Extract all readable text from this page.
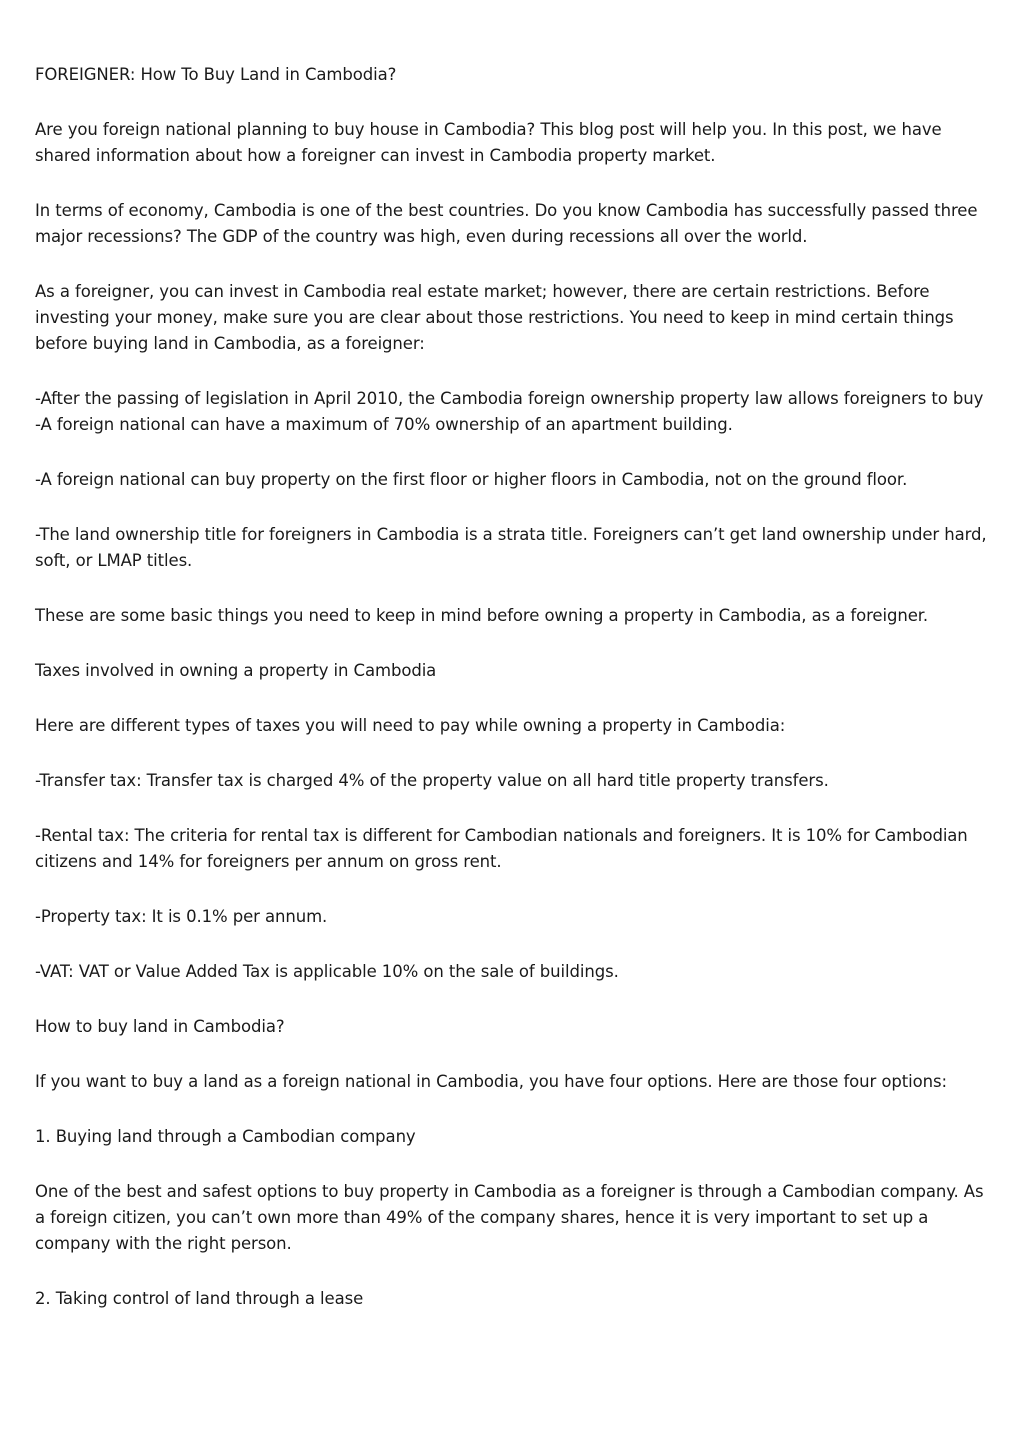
FOREIGNER: How To Buy Land in Cambodia?

Are you foreign national planning to buy house in Cambodia? This blog post will help you. In this post, we have shared information about how a foreigner can invest in Cambodia property market.

In terms of economy, Cambodia is one of the best countries. Do you know Cambodia has successfully passed three major recessions? The GDP of the country was high, even during recessions all over the world.

As a foreigner, you can invest in Cambodia real estate market; however, there are certain restrictions. Before investing your money, make sure you are clear about those restrictions. You need to keep in mind certain things before buying land in Cambodia, as a foreigner:

-After the passing of legislation in April 2010, the Cambodia foreign ownership property law allows foreigners to buy -A foreign national can have a maximum of 70% ownership of an apartment building.

-A foreign national can buy property on the first floor or higher floors in Cambodia, not on the ground floor.

-The land ownership title for foreigners in Cambodia is a strata title. Foreigners can’t get land ownership under hard, soft, or LMAP titles.

These are some basic things you need to keep in mind before owning a property in Cambodia, as a foreigner.

Taxes involved in owning a property in Cambodia

Here are different types of taxes you will need to pay while owning a property in Cambodia:

-Transfer tax: Transfer tax is charged 4% of the property value on all hard title property transfers.

-Rental tax: The criteria for rental tax is different for Cambodian nationals and foreigners. It is 10% for Cambodian citizens and 14% for foreigners per annum on gross rent.

-Property tax: It is 0.1% per annum.

-VAT: VAT or Value Added Tax is applicable 10% on the sale of buildings.

How to buy land in Cambodia?

If you want to buy a land as a foreign national in Cambodia, you have four options. Here are those four options:

1. Buying land through a Cambodian company

One of the best and safest options to buy property in Cambodia as a foreigner is through a Cambodian company. As a foreign citizen, you can’t own more than 49% of the company shares, hence it is very important to set up a company with the right person.

2. Taking control of land through a lease
